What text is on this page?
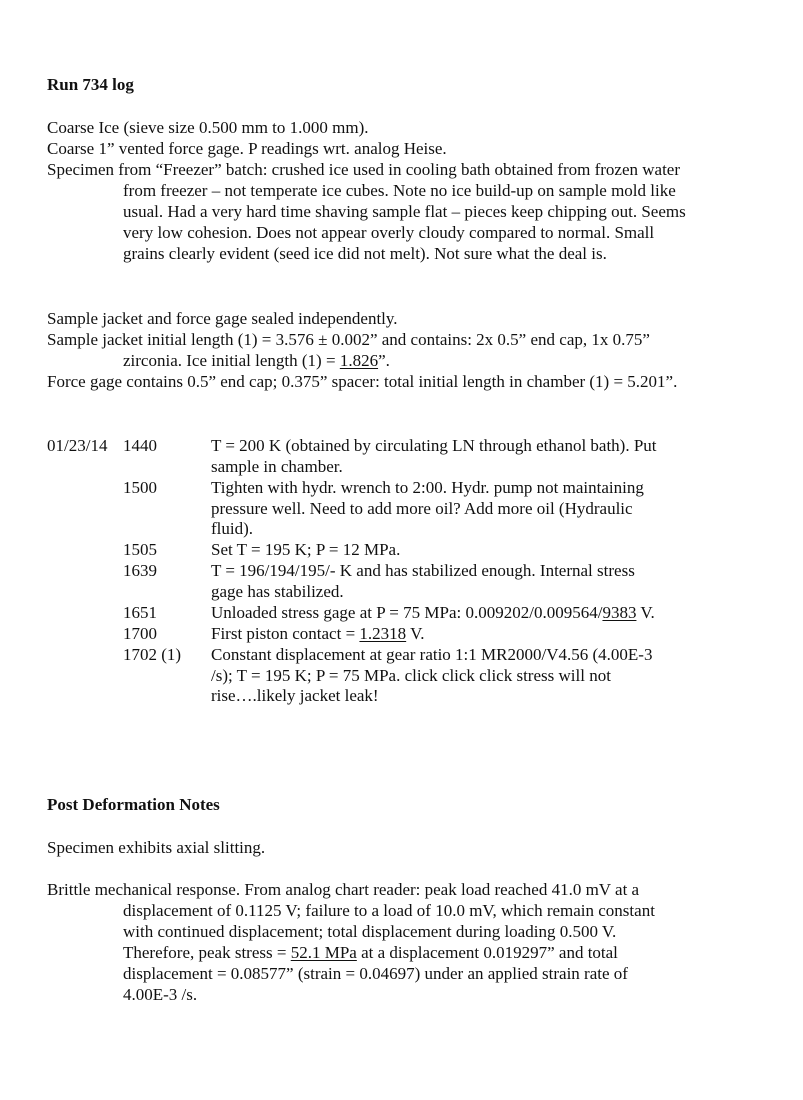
Run 734 log
Coarse Ice (sieve size 0.500 mm to 1.000 mm).
Coarse 1” vented force gage. P readings wrt. analog Heise.
Specimen from “Freezer” batch: crushed ice used in cooling bath obtained from frozen water
from freezer – not temperate ice cubes. Note no ice build-up on sample mold like
usual. Had a very hard time shaving sample flat – pieces keep chipping out. Seems
very low cohesion. Does not appear overly cloudy compared to normal. Small
grains clearly evident (seed ice did not melt). Not sure what the deal is.
Sample jacket and force gage sealed independently.
Sample jacket initial length (1) = 3.576 ± 0.002” and contains: 2x 0.5” end cap, 1x 0.75”
zirconia. Ice initial length (1) = 1.826”.
Force gage contains 0.5” end cap; 0.375” spacer: total initial length in chamber (1) = 5.201”.
01/23/14 1440	T = 200 K (obtained by circulating LN through ethanol bath). Put
sample in chamber.
1500	Tighten with hydr. wrench to 2:00. Hydr. pump not maintaining
pressure well. Need to add more oil? Add more oil (Hydraulic
fluid).
1505	Set T = 195 K; P = 12 MPa.
1639	T = 196/194/195/- K and has stabilized enough. Internal stress
gage has stabilized.
1651	Unloaded stress gage at P = 75 MPa: 0.009202/0.009564/9383 V.
1700	First piston contact = 1.2318 V.
1702 (1) Constant displacement at gear ratio 1:1 MR2000/V4.56 (4.00E-3
/s); T = 195 K; P = 75 MPa. click click click stress will not
rise….likely jacket leak!
Post Deformation Notes
Specimen exhibits axial slitting.
Brittle mechanical response. From analog chart reader: peak load reached 41.0 mV at a
displacement of 0.1125 V; failure to a load of 10.0 mV, which remain constant
with continued displacement; total displacement during loading 0.500 V.
Therefore, peak stress = 52.1 MPa at a displacement 0.019297” and total
displacement = 0.08577” (strain = 0.04697) under an applied strain rate of
4.00E-3 /s.
